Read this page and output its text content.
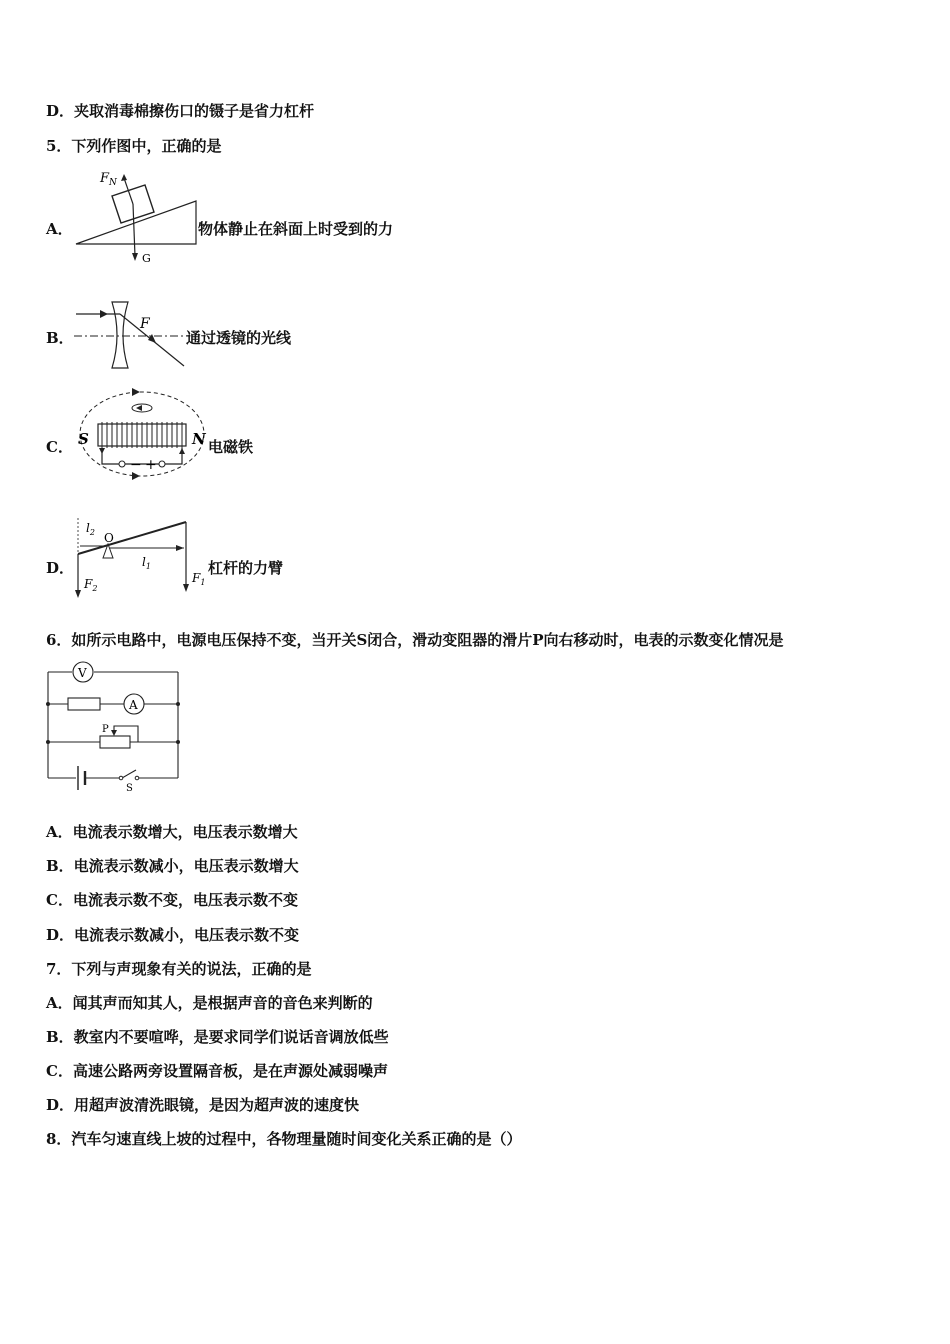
D．夹取消毒棉擦伤口的镊子是省力杠杆
5．下列作图中，正确的是
A．
$F_N$
G
物体静止在斜面上时受到的力
B．
F
通过透镜的光线
C． S	N
− +
电磁铁
D．
$l_2$ O
$l_1$
$F_2$
$F_1$
杠杆的力臂
6．如所示电路中，电源电压保持不变，当开关S闭合，滑动变阻器的滑片P向右移动时，电表的示数变化情况是
V
A
P
S
A．电流表示数增大，电压表示数增大
B．电流表示数减小，电压表示数增大
C．电流表示数不变，电压表示数不变
D．电流表示数减小，电压表示数不变
7．下列与声现象有关的说法，正确的是
A．闻其声而知其人，是根据声音的音色来判断的
B．教室内不要喧哗，是要求同学们说话音调放低些
C．高速公路两旁设置隔音板，是在声源处减弱噪声
D．用超声波清洗眼镜，是因为超声波的速度快
8．汽车匀速直线上坡的过程中，各物理量随时间变化关系正确的是（）
